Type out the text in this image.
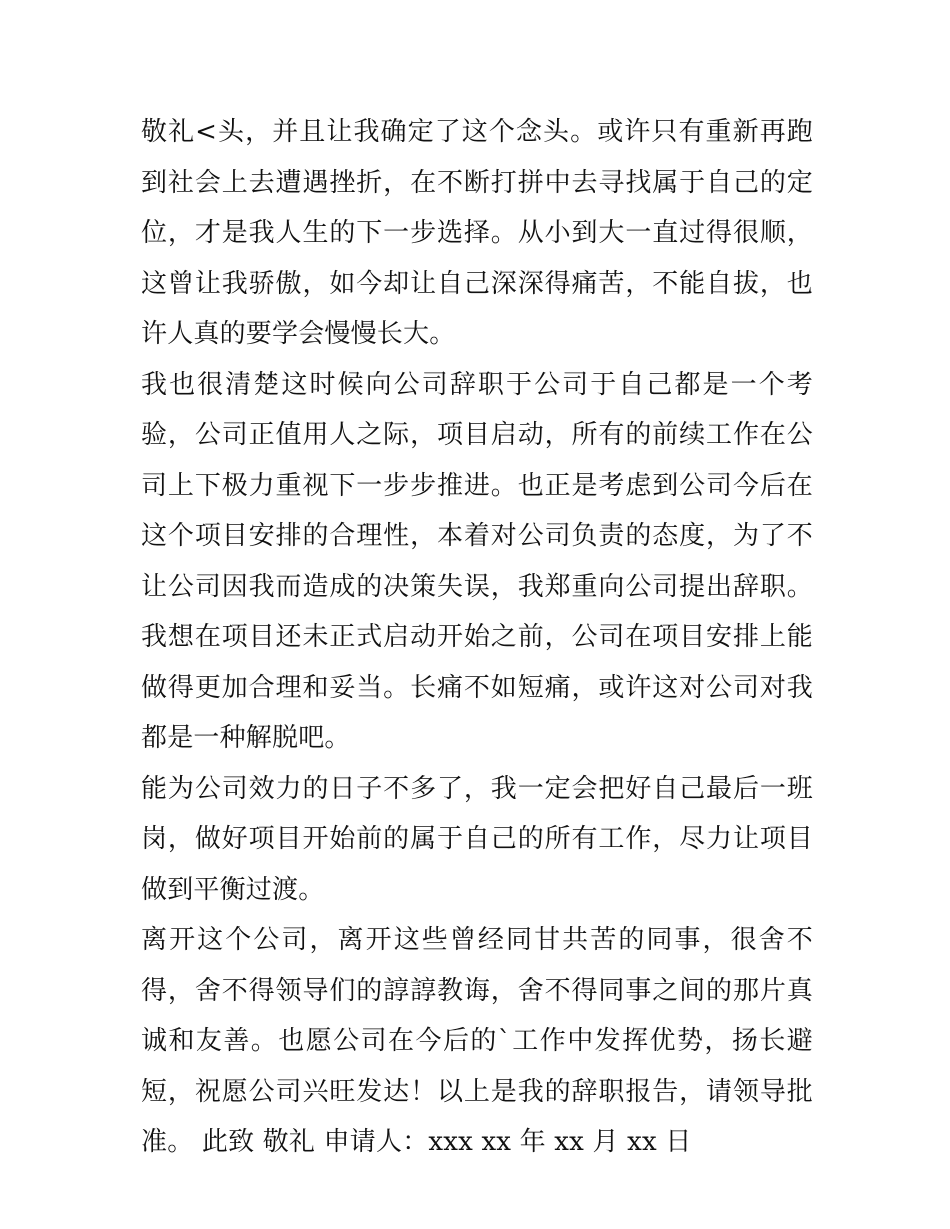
敬礼<头，并且让我确定了这个念头。或许只有重新再跑到社会上去遭遇挫折，在不断打拼中去寻找属于自己的定位，才是我人生的下一步选择。从小到大一直过得很顺，这曾让我骄傲，如今却让自己深深得痛苦，不能自拔，也许人真的要学会慢慢长大。

我也很清楚这时候向公司辞职于公司于自己都是一个考验，公司正值用人之际，项目启动，所有的前续工作在公司上下极力重视下一步步推进。也正是考虑到公司今后在这个项目安排的合理性，本着对公司负责的态度，为了不让公司因我而造成的决策失误，我郑重向公司提出辞职。我想在项目还未正式启动开始之前，公司在项目安排上能做得更加合理和妥当。长痛不如短痛，或许这对公司对我都是一种解脱吧。

能为公司效力的日子不多了，我一定会把好自己最后一班岗，做好项目开始前的属于自己的所有工作，尽力让项目做到平衡过渡。

离开这个公司，离开这些曾经同甘共苦的同事，很舍不得，舍不得领导们的諄諄教诲，舍不得同事之间的那片真诚和友善。也愿公司在今后的`工作中发挥优势，扬长避短，祝愿公司兴旺发达！以上是我的辞职报告，请领导批准。 此致 敬礼 申请人：xxx xx 年 xx 月 xx 日
